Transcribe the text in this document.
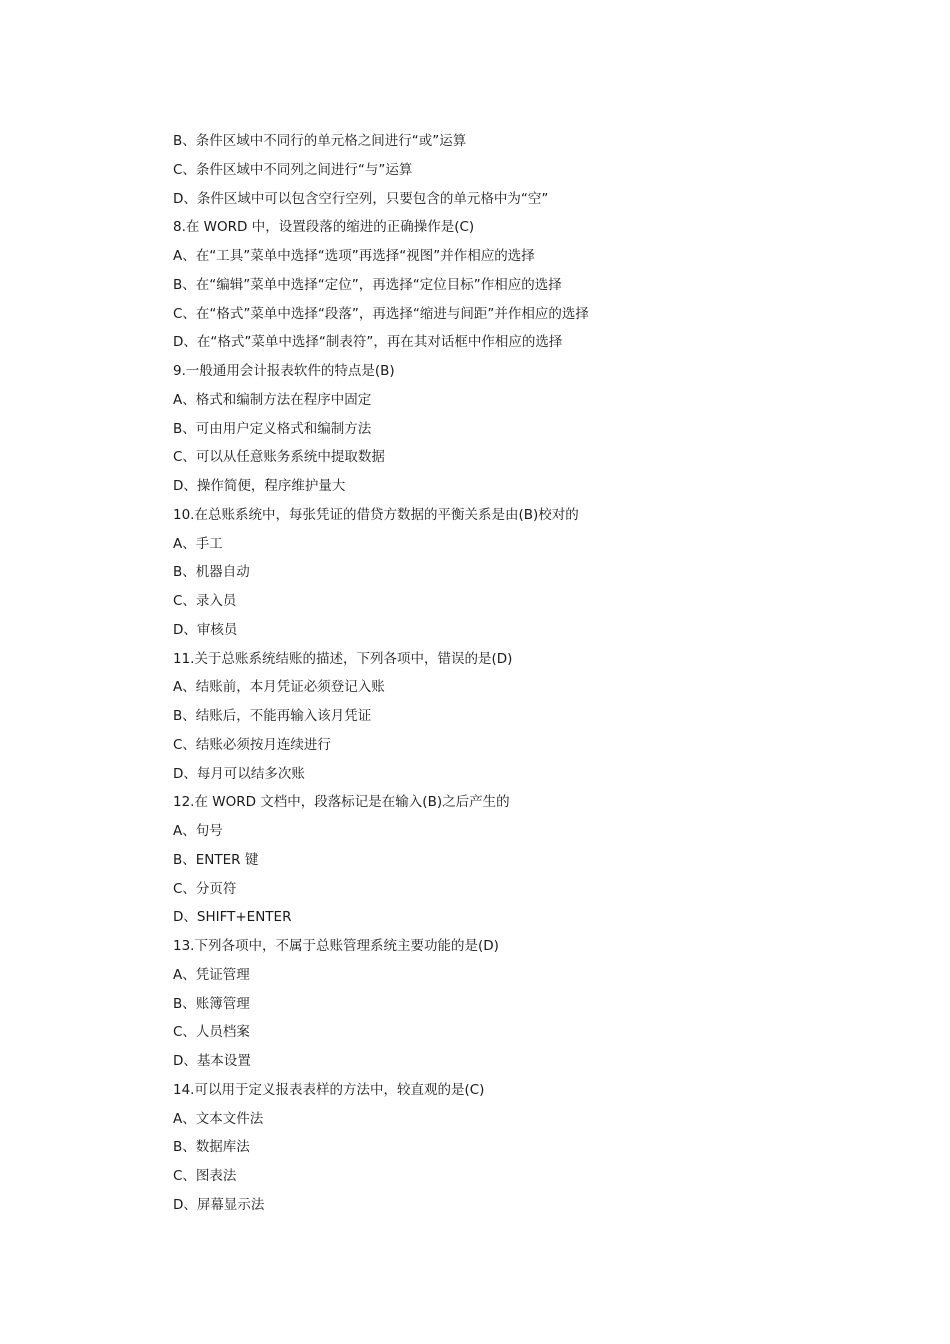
B、条件区域中不同行的单元格之间进行“或”运算
C、条件区域中不同列之间进行“与”运算
D、条件区域中可以包含空行空列，只要包含的单元格中为“空”
8.在 WORD 中，设置段落的缩进的正确操作是(C)
A、在“工具”菜单中选择“选项”再选择“视图”并作相应的选择
B、在“编辑”菜单中选择“定位”，再选择“定位目标”作相应的选择
C、在“格式”菜单中选择“段落”，再选择“缩进与间距”并作相应的选择
D、在“格式”菜单中选择“制表符”，再在其对话框中作相应的选择
9.一般通用会计报表软件的特点是(B)
A、格式和编制方法在程序中固定
B、可由用户定义格式和编制方法
C、可以从任意账务系统中提取数据
D、操作简便，程序维护量大
10.在总账系统中，每张凭证的借贷方数据的平衡关系是由(B)校对的
A、手工
B、机器自动
C、录入员
D、审核员
11.关于总账系统结账的描述，下列各项中，错误的是(D)
A、结账前，本月凭证必须登记入账
B、结账后，不能再输入该月凭证
C、结账必须按月连续进行
D、每月可以结多次账
12.在 WORD 文档中，段落标记是在输入(B)之后产生的
A、句号
B、ENTER 键
C、分页符
D、SHIFT+ENTER
13.下列各项中，不属于总账管理系统主要功能的是(D)
A、凭证管理
B、账簿管理
C、人员档案
D、基本设置
14.可以用于定义报表表样的方法中，较直观的是(C)
A、文本文件法
B、数据库法
C、图表法
D、屏幕显示法
